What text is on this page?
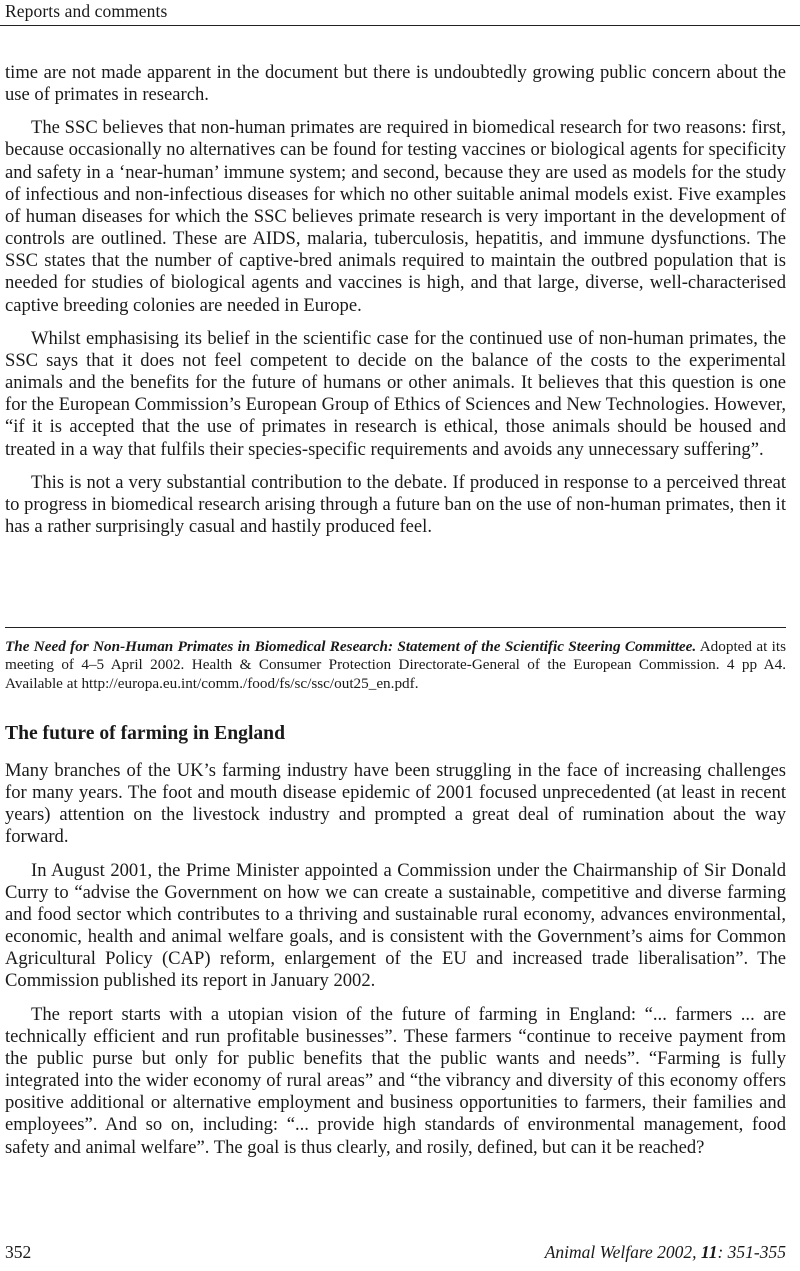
Reports and comments

time are not made apparent in the document but there is undoubtedly growing public concern about the use of primates in research.

The SSC believes that non-human primates are required in biomedical research for two reasons: first, because occasionally no alternatives can be found for testing vaccines or biological agents for specificity and safety in a ‘near-human’ immune system; and second, because they are used as models for the study of infectious and non-infectious diseases for which no other suitable animal models exist. Five examples of human diseases for which the SSC believes primate research is very important in the development of controls are outlined. These are AIDS, malaria, tuberculosis, hepatitis, and immune dysfunctions. The SSC states that the number of captive-bred animals required to maintain the outbred population that is needed for studies of biological agents and vaccines is high, and that large, diverse, well-characterised captive breeding colonies are needed in Europe.

Whilst emphasising its belief in the scientific case for the continued use of non-human primates, the SSC says that it does not feel competent to decide on the balance of the costs to the experimental animals and the benefits for the future of humans or other animals. It believes that this question is one for the European Commission’s European Group of Ethics of Sciences and New Technologies. However, “if it is accepted that the use of primates in research is ethical, those animals should be housed and treated in a way that fulfils their species-specific requirements and avoids any unnecessary suffering”.

This is not a very substantial contribution to the debate. If produced in response to a perceived threat to progress in biomedical research arising through a future ban on the use of non-human primates, then it has a rather surprisingly casual and hastily produced feel.

The Need for Non-Human Primates in Biomedical Research: Statement of the Scientific Steering Committee. Adopted at its meeting of 4–5 April 2002. Health & Consumer Protection Directorate-General of the European Commission. 4 pp A4. Available at http://europa.eu.int/comm./food/fs/sc/ssc/out25_en.pdf.
The future of farming in England

Many branches of the UK’s farming industry have been struggling in the face of increasing challenges for many years. The foot and mouth disease epidemic of 2001 focused unprecedented (at least in recent years) attention on the livestock industry and prompted a great deal of rumination about the way forward.

In August 2001, the Prime Minister appointed a Commission under the Chairmanship of Sir Donald Curry to “advise the Government on how we can create a sustainable, competitive and diverse farming and food sector which contributes to a thriving and sustainable rural economy, advances environmental, economic, health and animal welfare goals, and is consistent with the Government’s aims for Common Agricultural Policy (CAP) reform, enlargement of the EU and increased trade liberalisation”. The Commission published its report in January 2002.

The report starts with a utopian vision of the future of farming in England: “... farmers ... are technically efficient and run profitable businesses”. These farmers “continue to receive payment from the public purse but only for public benefits that the public wants and needs”. “Farming is fully integrated into the wider economy of rural areas” and “the vibrancy and diversity of this economy offers positive additional or alternative employment and business opportunities to farmers, their families and employees”. And so on, including: “... provide high standards of environmental management, food safety and animal welfare”. The goal is thus clearly, and rosily, defined, but can it be reached?

352	Animal Welfare 2002, 11: 351-355
